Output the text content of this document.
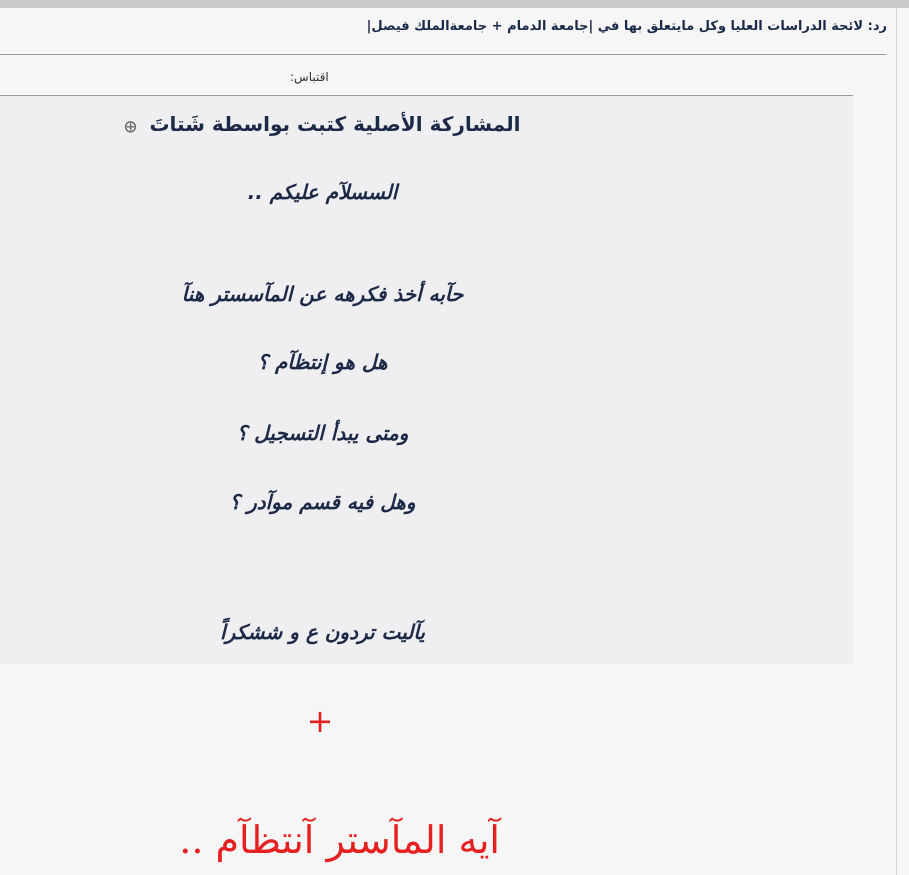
رد: لائحة الدراسات العليا وكل مايتعلق بها في |جامعة الدمام + جامعةالملك فيصل|
اقتباس:
المشاركة الأصلية كتبت بواسطة شَتاتَ ⨁
السسلآم عليكم ..
حآبه أخذ فكرهه عن المآسستر هنآ
هل هو إنتظآم ؟
ومتى يبدأ التسجيل ؟
وهل فيه قسم موآدر ؟
يآليت تردون ع و ششكراً
+
آيه المآستر آنتظآم ..
